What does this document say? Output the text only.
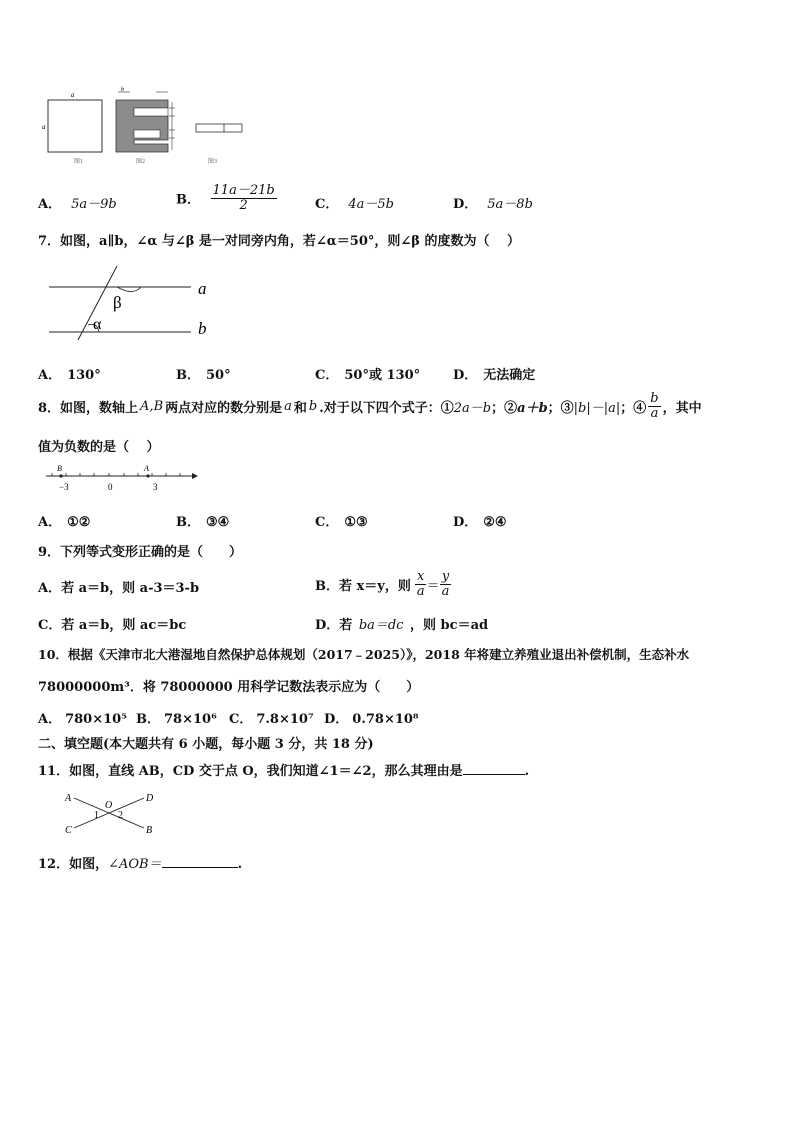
a
a
图1
b
图2	图3
A． 5a－9b	B． $\frac{11a-21b}{2}$	C． 4a－5b	D． 5a－8b
7．如图，a∥b，∠α 与∠β 是一对同旁内角，若∠α＝50°，则∠β 的度数为（　 ）
β
α
a
b
A． 130°	B． 50°	C． 50°或 130°	D． 无法确定
8．如图，数轴上 A,B 两点对应的数分别是 a 和 b .对于以下四个式子：① 2a－b ；② a＋b ；③ |b|－|a| ；④ $\frac{b}{a}$ ，其中
值为负数的是（　 ）
B	A
−3	0	3
A． ①②	B． ③④	C． ①③	D． ②④
9．下列等式变形正确的是（　　）
A．若 a＝b，则 a-3＝3-b	B．若 x＝y，则 $\frac{x}{a} = \frac{y}{a}$
C．若 a＝b，则 ac＝bc	D．若 ba＝dc ，则 bc＝ad
10．根据《天津市北大港湿地自然保护总体规划（2017﹣2025）》，2018 年将建立养殖业退出补偿机制，生态补水
78000000m³．将 78000000 用科学记数法表示应为（　　）
A． 780×10⁵ B． 78×10⁶ C． 7.8×10⁷ D． 0.78×10⁸
二、填空题(本大题共有 6 小题，每小题 3 分，共 18 分)
11．如图，直线 AB，CD 交于点 O，我们知道∠1＝∠2，那么其理由是	.
A
C
D
B
O
1 2
12．如图，∠AOB＝	.
